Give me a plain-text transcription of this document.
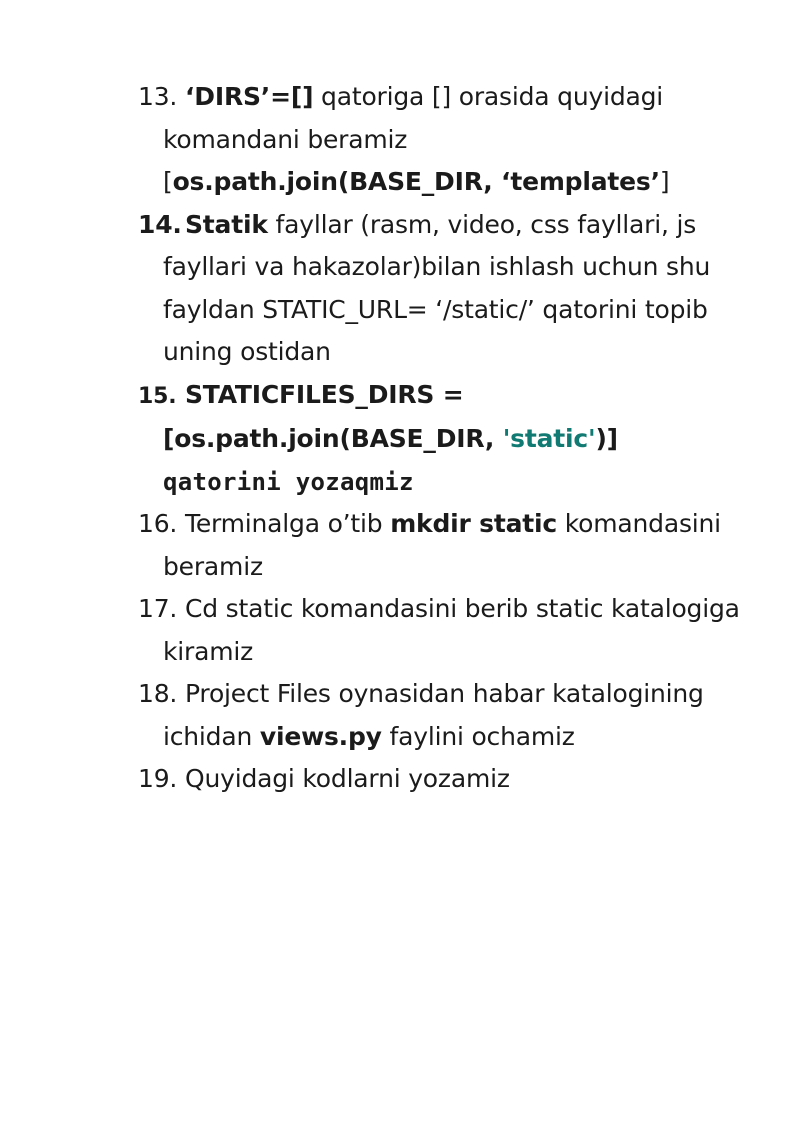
13. ‘DIRS’=[] qatoriga [] orasida quyidagi komandani beramiz
[os.path.join(BASE_DIR, ‘templates’]
14. Statik fayllar (rasm, video, css fayllari, js fayllari va hakazolar)bilan ishlash uchun shu fayldan STATIC_URL= ‘/static/’ qatorini topib uning ostidan
15. STATICFILES_DIRS =
[os.path.join(BASE_DIR, 'static')]
qatorini yozaqmiz
16. Terminalga o’tib mkdir static komandasini beramiz
17. Cd static komandasini berib static katalogiga kiramiz
18. Project Files oynasidan habar katalogining ichidan views.py faylini ochamiz
19. Quyidagi kodlarni yozamiz
